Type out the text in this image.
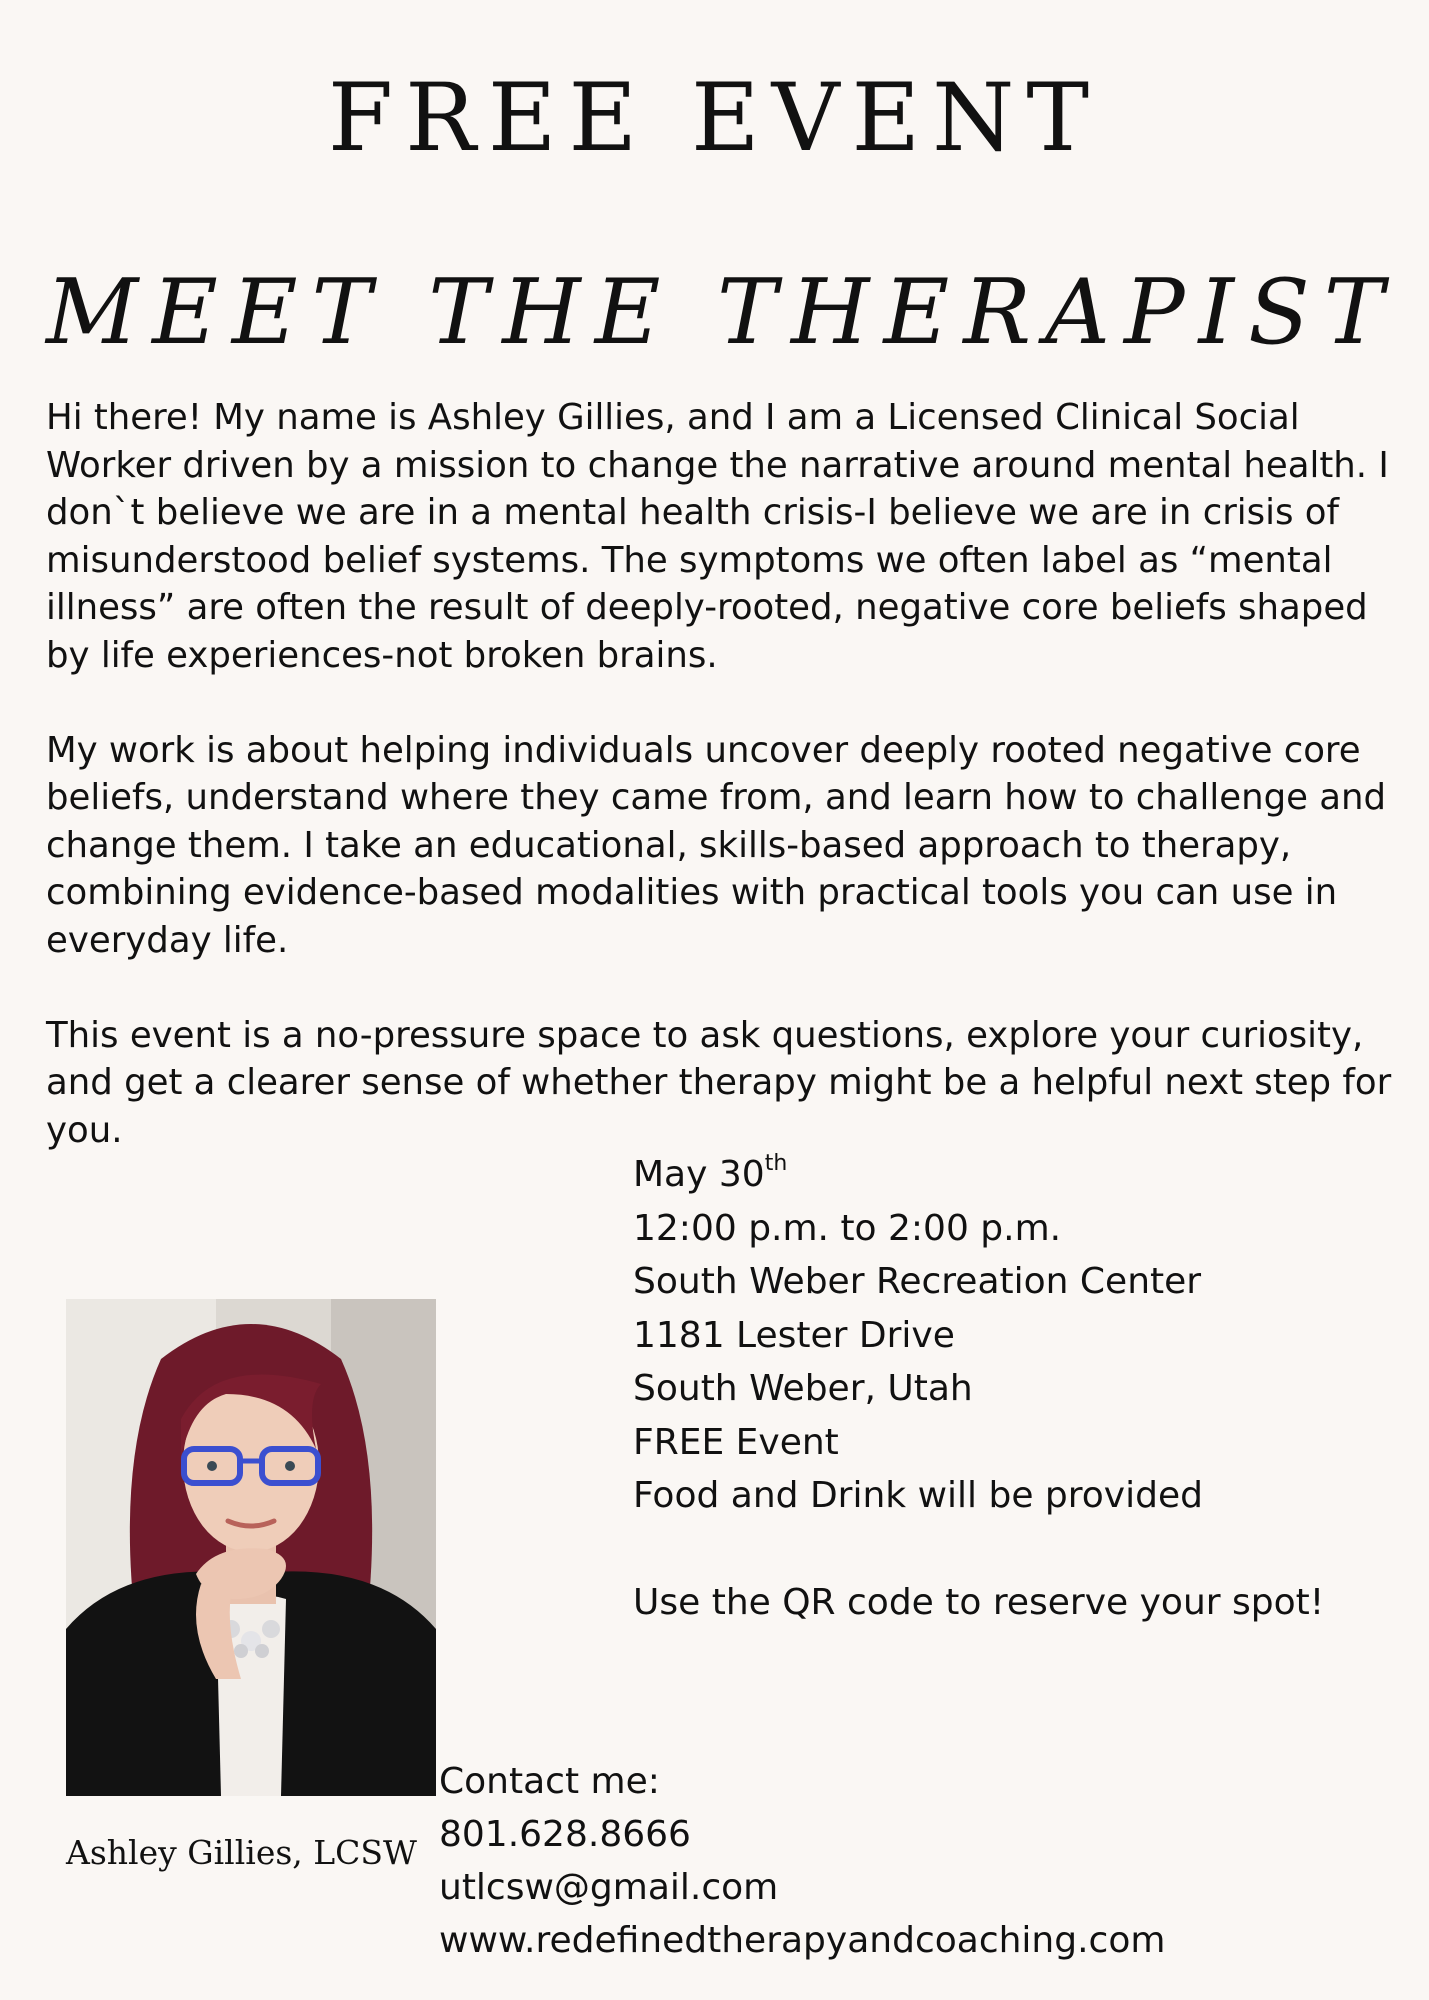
FREE EVENT
MEET THE THERAPIST

Hi there! My name is Ashley Gillies, and I am a Licensed Clinical Social Worker driven by a mission to change the narrative around mental health. I don`t believe we are in a mental health crisis-I believe we are in crisis of misunderstood belief systems. The symptoms we often label as “mental illness” are often the result of deeply-rooted, negative core beliefs shaped by life experiences-not broken brains.

My work is about helping individuals uncover deeply rooted negative core beliefs, understand where they came from, and learn how to challenge and change them. I take an educational, skills-based approach to therapy, combining evidence-based modalities with practical tools you can use in everyday life.

This event is a no-pressure space to ask questions, explore your curiosity, and get a clearer sense of whether therapy might be a helpful next step for you.

May 30th
12:00 p.m. to 2:00 p.m.
South Weber Recreation Center
1181 Lester Drive
South Weber, Utah
FREE Event
Food and Drink will be provided
Use the QR code to reserve your spot!
Ashley Gillies, LCSW
Contact me:
801.628.8666
utlcsw@gmail.com
www.redefinedtherapyandcoaching.com
